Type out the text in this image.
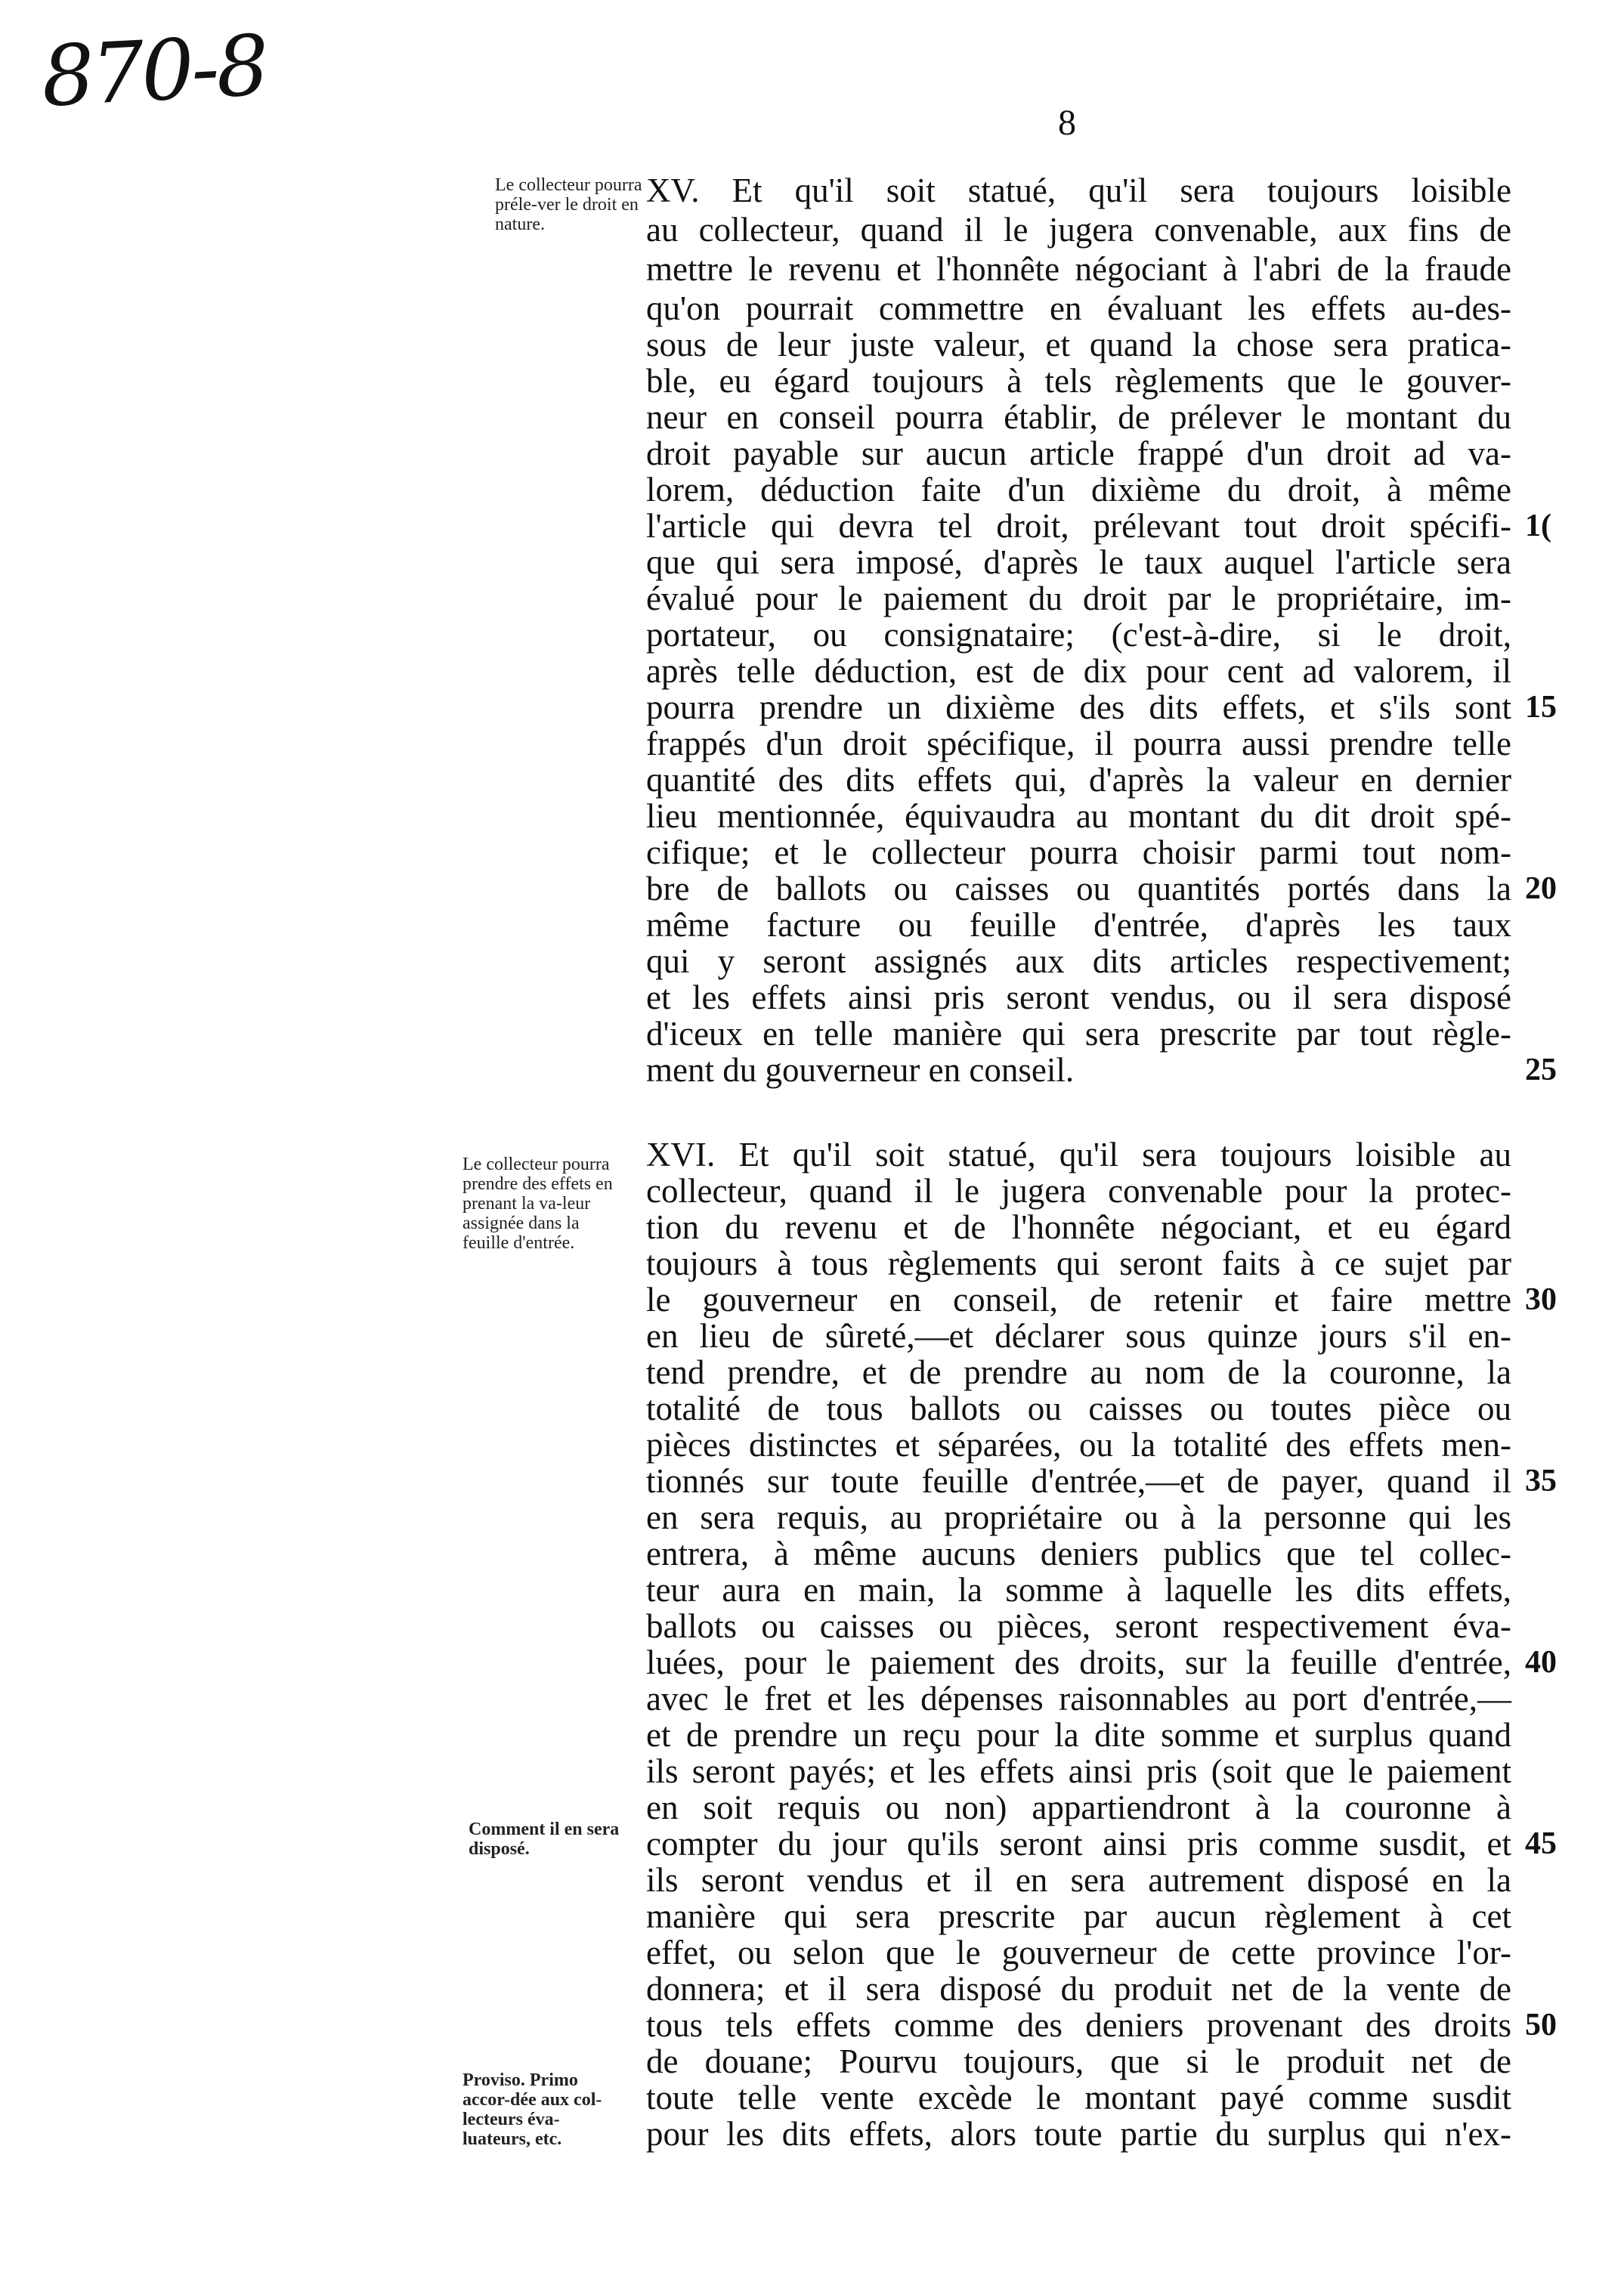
870-8	8
Le collecteur pourra préle-ver le droit en nature.
Le collecteur pourra prendre des effets en prenant la va-leur assignée dans la feuille d'entrée.
Comment il en sera disposé.
Proviso. Primo accor-dée aux col-lecteurs éva-luateurs, etc.
XV. Et qu'il soit statué, qu'il sera toujours loisible
au collecteur, quand il le jugera convenable, aux fins de
mettre le revenu et l'honnête négociant à l'abri de la fraude
qu'on pourrait commettre en évaluant les effets au-des-
sous de leur juste valeur, et quand la chose sera pratica-
ble, eu égard toujours à tels règlements que le gouver-
neur en conseil pourra établir, de prélever le montant du
droit payable sur aucun article frappé d'un droit ad va-
lorem, déduction faite d'un dixième du droit, à même
l'article qui devra tel droit, prélevant tout droit spécifi-
que qui sera imposé, d'après le taux auquel l'article sera
évalué pour le paiement du droit par le propriétaire, im-
portateur, ou consignataire; (c'est-à-dire, si le droit,
après telle déduction, est de dix pour cent ad valorem, il
pourra prendre un dixième des dits effets, et s'ils sont
frappés d'un droit spécifique, il pourra aussi prendre telle
quantité des dits effets qui, d'après la valeur en dernier
lieu mentionnée, équivaudra au montant du dit droit spé-
cifique; et le collecteur pourra choisir parmi tout nom-
bre de ballots ou caisses ou quantités portés dans la
même facture ou feuille d'entrée, d'après les taux
qui y seront assignés aux dits articles respectivement;
et les effets ainsi pris seront vendus, ou il sera disposé
d'iceux en telle manière qui sera prescrite par tout règle-
ment du gouverneur en conseil.
XVI. Et qu'il soit statué, qu'il sera toujours loisible au
collecteur, quand il le jugera convenable pour la protec-
tion du revenu et de l'honnête négociant, et eu égard
toujours à tous règlements qui seront faits à ce sujet par
le gouverneur en conseil, de retenir et faire mettre
en lieu de sûreté,—et déclarer sous quinze jours s'il en-
tend prendre, et de prendre au nom de la couronne, la
totalité de tous ballots ou caisses ou toutes pièce ou
pièces distinctes et séparées, ou la totalité des effets men-
tionnés sur toute feuille d'entrée,—et de payer, quand il
en sera requis, au propriétaire ou à la personne qui les
entrera, à même aucuns deniers publics que tel collec-
teur aura en main, la somme à laquelle les dits effets,
ballots ou caisses ou pièces, seront respectivement éva-
luées, pour le paiement des droits, sur la feuille d'entrée,
avec le fret et les dépenses raisonnables au port d'entrée,—
et de prendre un reçu pour la dite somme et surplus quand
ils seront payés; et les effets ainsi pris (soit que le paiement
en soit requis ou non) appartiendront à la couronne à
compter du jour qu'ils seront ainsi pris comme susdit, et
ils seront vendus et il en sera autrement disposé en la
manière qui sera prescrite par aucun règlement à cet
effet, ou selon que le gouverneur de cette province l'or-
donnera; et il sera disposé du produit net de la vente de
tous tels effets comme des deniers provenant des droits
de douane; Pourvu toujours, que si le produit net de
toute telle vente excède le montant payé comme susdit
pour les dits effets, alors toute partie du surplus qui n'ex-
1(
15
20
25
30
35
40
45
50
